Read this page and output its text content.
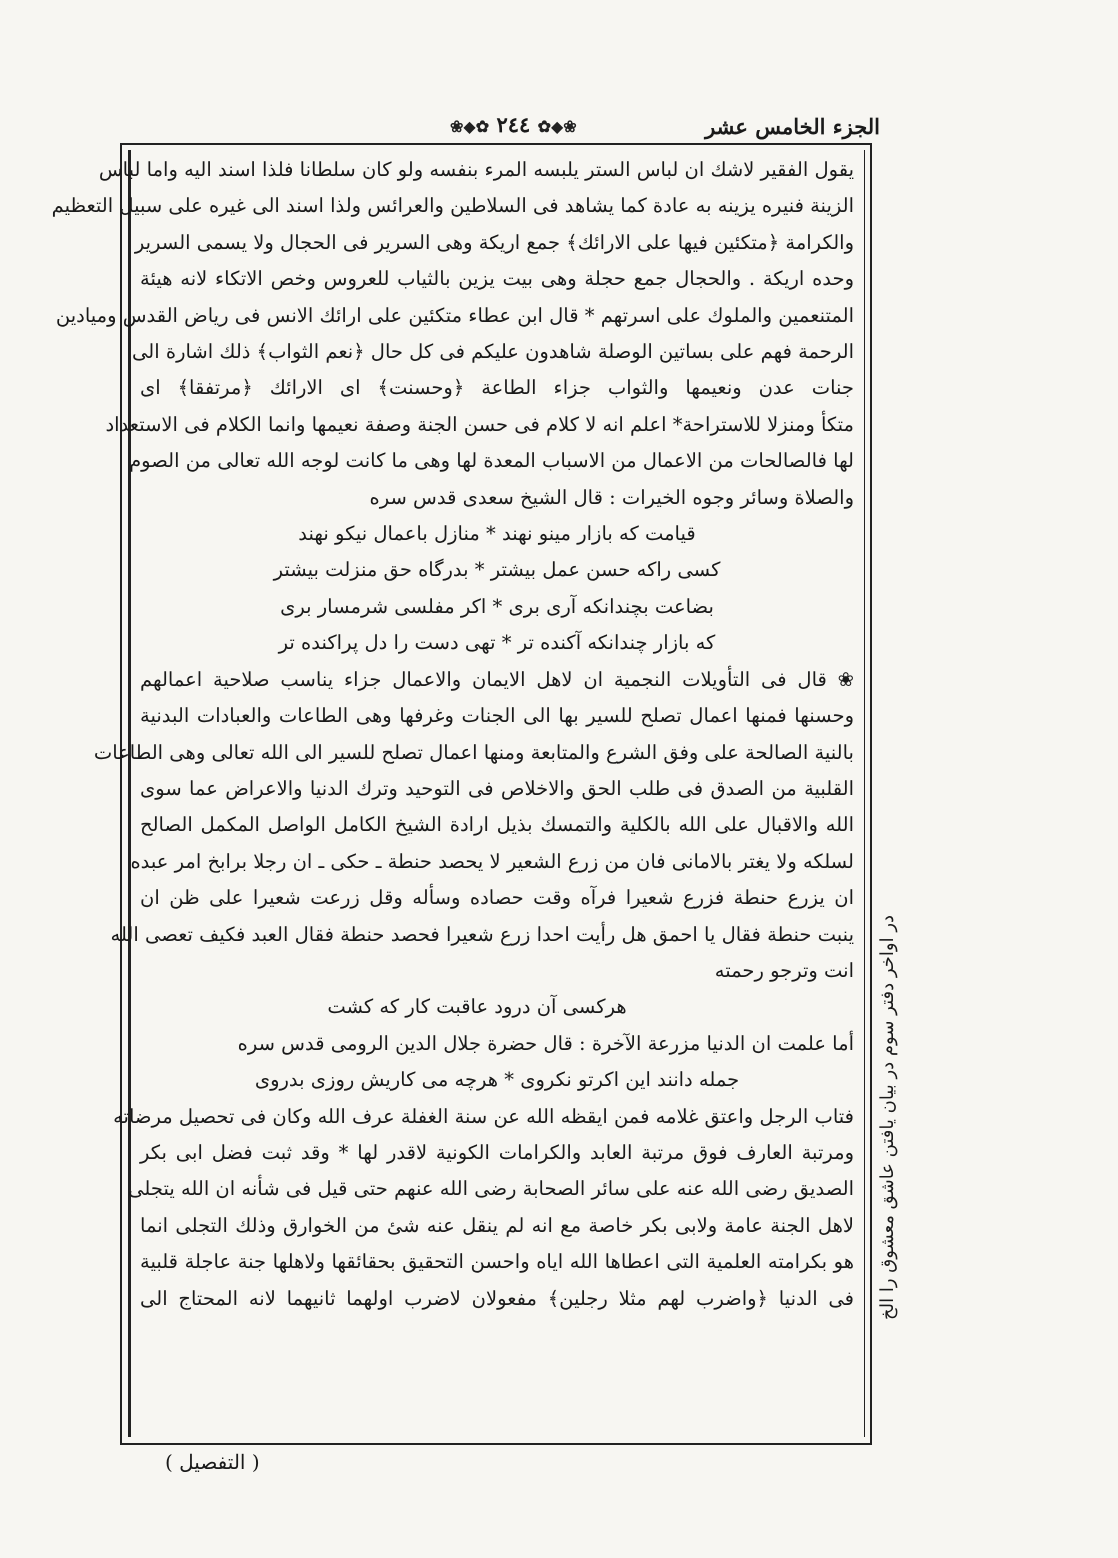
الجزء الخامس عشر
❀◆✿ ٢٤٤ ✿◆❀
يقول الفقير لاشك ان لباس الستر يلبسه المرء بنفسه ولو كان سلطانا فلذا اسند اليه واما لباس
الزينة فنيره يزينه به عادة كما يشاهد فى السلاطين والعرائس ولذا اسند الى غيره على سبيل التعظيم
والكرامة ﴿متكئين فيها على الارائك﴾ جمع اريكة وهى السرير فى الحجال ولا يسمى السرير
وحده اريكة . والحجال جمع حجلة وهى بيت يزين بالثياب للعروس وخص الاتكاء لانه هيئة
المتنعمين والملوك على اسرتهم * قال ابن عطاء متكئين على ارائك الانس فى رياض القدس وميادين
الرحمة فهم على بساتين الوصلة شاهدون عليكم فى كل حال ﴿نعم الثواب﴾ ذلك اشارة الى
جنات عدن ونعيمها والثواب جزاء الطاعة ﴿وحسنت﴾ اى الارائك ﴿مرتفقا﴾ اى
متكأ ومنزلا للاستراحة* اعلم انه لا كلام فى حسن الجنة وصفة نعيمها وانما الكلام فى الاستعداد
لها فالصالحات من الاعمال من الاسباب المعدة لها وهى ما كانت لوجه الله تعالى من الصوم
والصلاة وسائر وجوه الخيرات : قال الشيخ سعدى قدس سره
قيامت كه بازار مينو نهند * منازل باعمال نيكو نهند
كسى راكه حسن عمل بيشتر * بدرگاه حق منزلت بيشتر
بضاعت بچندانكه آرى برى * اكر مفلسى شرمسار برى
كه بازار چندانكه آكنده تر * تهى دست را دل پراكنده تر
❀ قال فى التأويلات النجمية ان لاهل الايمان والاعمال جزاء يناسب صلاحية اعمالهم
وحسنها فمنها اعمال تصلح للسير بها الى الجنات وغرفها وهى الطاعات والعبادات البدنية
بالنية الصالحة على وفق الشرع والمتابعة ومنها اعمال تصلح للسير الى الله تعالى وهى الطاعات
القلبية من الصدق فى طلب الحق والاخلاص فى التوحيد وترك الدنيا والاعراض عما سوى
الله والاقبال على الله بالكلية والتمسك بذيل ارادة الشيخ الكامل الواصل المكمل الصالح
لسلكه ولا يغتر بالامانى فان من زرع الشعير لا يحصد حنطة ـ حكى ـ ان رجلا برابخ امر عبده
ان يزرع حنطة فزرع شعيرا فرآه وقت حصاده وسأله وقل زرعت شعيرا على ظن ان
ينبت حنطة فقال يا احمق هل رأيت احدا زرع شعيرا فحصد حنطة فقال العبد فكيف تعصى الله
انت وترجو رحمته
هركسى آن درود عاقبت كار كه كشت
أما علمت ان الدنيا مزرعة الآخرة : قال حضرة جلال الدين الرومى قدس سره
جمله دانند اين اكرتو نكروى * هرچه مى كاريش روزى بدروى
فتاب الرجل واعتق غلامه فمن ايقظه الله عن سنة الغفلة عرف الله وكان فى تحصيل مرضاته
ومرتبة العارف فوق مرتبة العابد والكرامات الكونية لاقدر لها * وقد ثبت فضل ابى بكر
الصديق رضى الله عنه على سائر الصحابة رضى الله عنهم حتى قيل فى شأنه ان الله يتجلى
لاهل الجنة عامة ولابى بكر خاصة مع انه لم ينقل عنه شئ من الخوارق وذلك التجلى انما
هو بكرامته العلمية التى اعطاها الله اياه واحسن التحقيق بحقائقها ولاهلها جنة عاجلة قلبية
فى الدنيا ﴿واضرب لهم مثلا رجلين﴾ مفعولان لاضرب اولهما ثانيهما لانه المحتاج الى در اواخر دفتر سوم در بيان يافتن عاشق معشوق را الخ
( التفصيل )
